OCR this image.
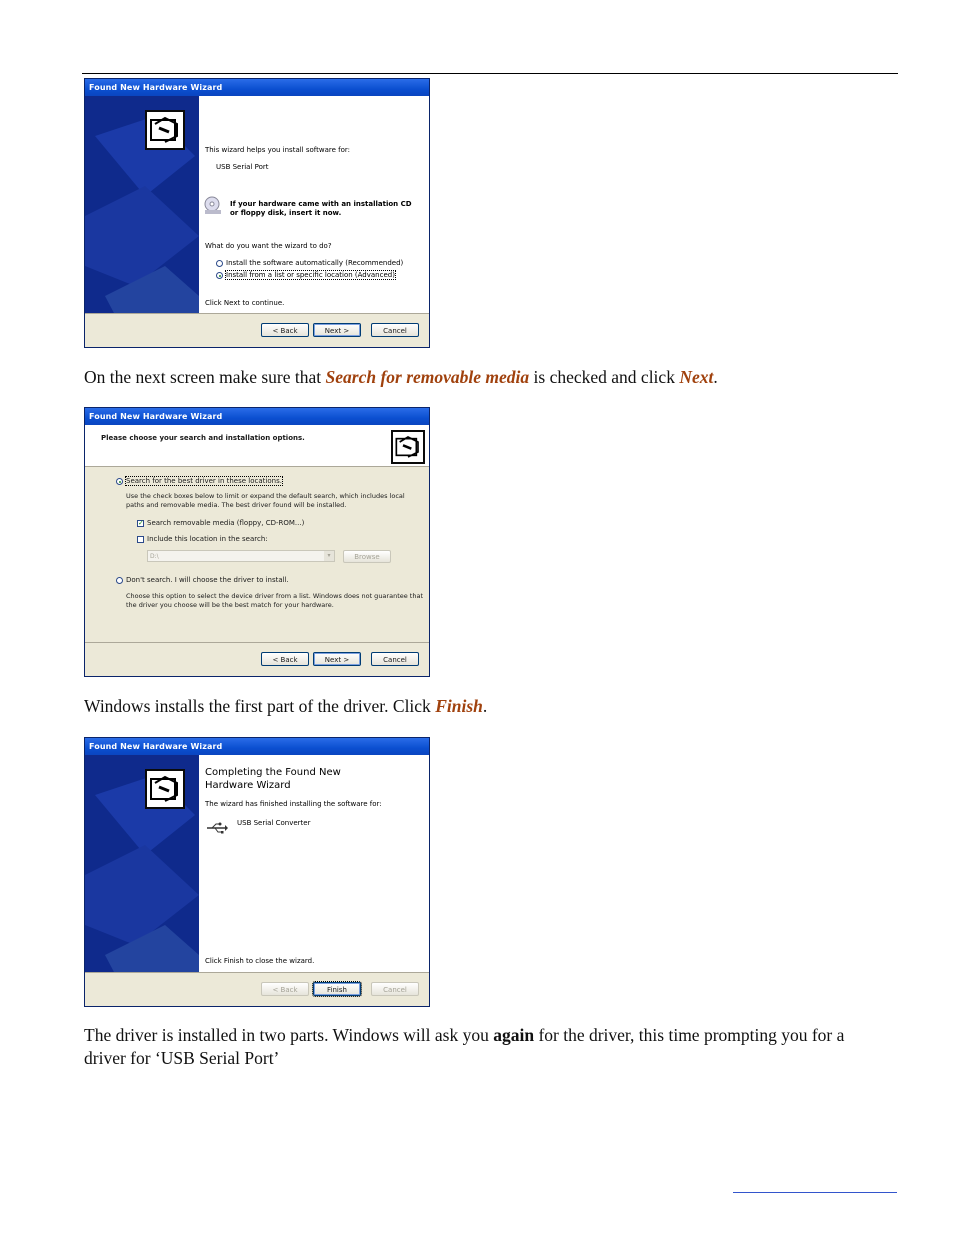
Found New Hardware Wizard
This wizard helps you install software for:
USB Serial Port
If your hardware came with an installation CD
or floppy disk, insert it now.
What do you want the wizard to do?
Install the software automatically (Recommended)
Install from a list or specific location (Advanced)
Click Next to continue.
< Back	Next >	Cancel
On the next screen make sure that Search for removable media is checked and click Next.
Found New Hardware Wizard
Please choose your search and installation options.
Search for the best driver in these locations.
Use the check boxes below to limit or expand the default search, which includes local
paths and removable media. The best driver found will be installed.
✓ Search removable media (floppy, CD-ROM...)
Include this location in the search:
D:\	▾	Browse
Don't search. I will choose the driver to install.
Choose this option to select the device driver from a list. Windows does not guarantee that
the driver you choose will be the best match for your hardware.
< Back	Next >	Cancel
Windows installs the first part of the driver. Click Finish.
Found New Hardware Wizard
Completing the Found New
Hardware Wizard
The wizard has finished installing the software for:
USB Serial Converter
Click Finish to close the wizard.
< Back	Finish	Cancel
The driver is installed in two parts. Windows will ask you again for the driver, this time prompting you for a driver for ‘USB Serial Port’
